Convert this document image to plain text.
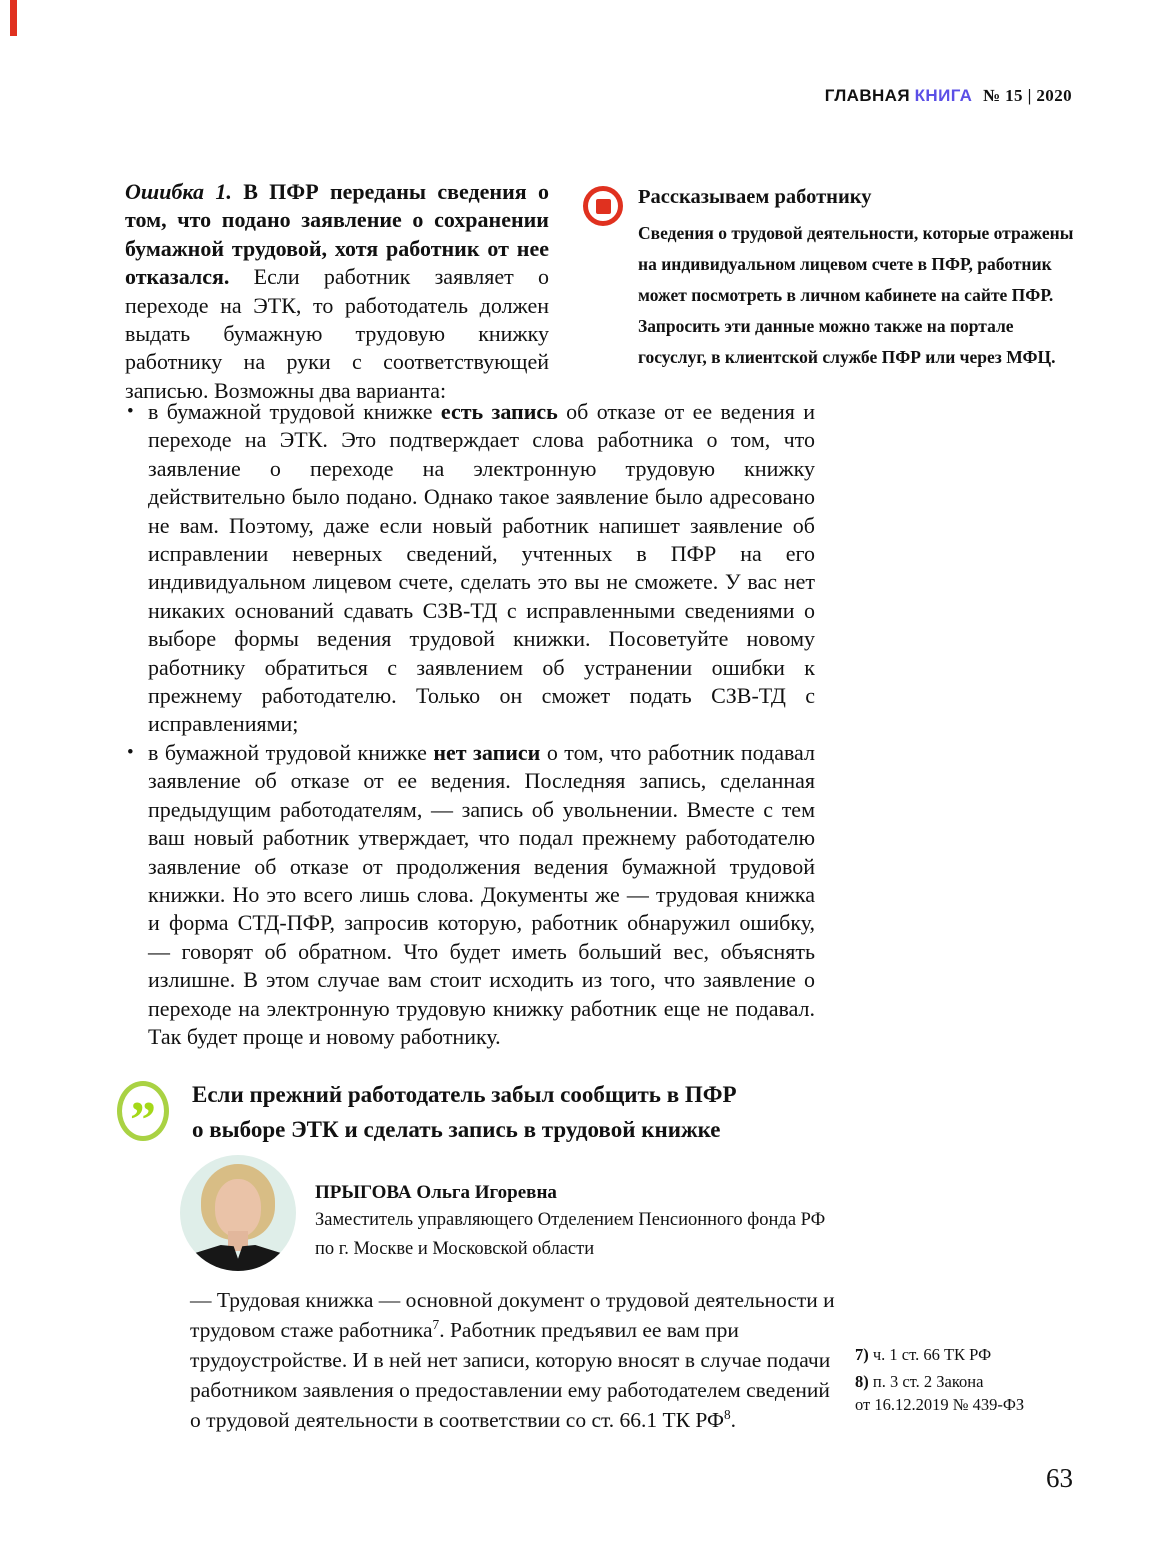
ГЛАВНАЯ КНИГА № 15 | 2020

Ошибка 1. В ПФР переданы сведения о том, что подано заявление о сохранении бумажной трудовой, хотя работник от нее отказался. Если работник заявляет о переходе на ЭТК, то работодатель должен выдать бумажную трудовую книжку работнику на руки с соответствующей записью. Возможны два варианта:

Рассказываем работнику

Сведения о трудовой деятельности, которые отражены на индивидуальном лицевом счете в ПФР, работник может посмотреть в личном кабинете на сайте ПФР. Запросить эти данные можно также на портале госуслуг, в клиентской службе ПФР или через МФЦ.

• в бумажной трудовой книжке есть запись об отказе от ее ведения и переходе на ЭТК. Это подтверждает слова работника о том, что заявление о переходе на электронную трудовую книжку действительно было подано. Однако такое заявление было адресовано не вам. Поэтому, даже если новый работник напишет заявление об исправлении неверных сведений, учтенных в ПФР на его индивидуальном лицевом счете, сделать это вы не сможете. У вас нет никаких оснований сдавать СЗВ-ТД с исправленными сведениями о выборе формы ведения трудовой книжки. Посоветуйте новому работнику обратиться с заявлением об устранении ошибки к прежнему работодателю. Только он сможет подать СЗВ-ТД с исправлениями;
• в бумажной трудовой книжке нет записи о том, что работник подавал заявление об отказе от ее ведения. Последняя запись, сделанная предыдущим работодателям, — запись об увольнении. Вместе с тем ваш новый работник утверждает, что подал прежнему работодателю заявление об отказе от продолжения ведения бумажной трудовой книжки. Но это всего лишь слова. Документы же — трудовая книжка и форма СТД-ПФР, запросив которую, работник обнаружил ошибку, — говорят об обратном. Что будет иметь больший вес, объяснять излишне. В этом случае вам стоит исходить из того, что заявление о переходе на электронную трудовую книжку работник еще не подавал. Так будет проще и новому работнику.
” Если прежний работодатель забыл сообщить в ПФР
о выборе ЭТК и сделать запись в трудовой книжке
ПРЫГОВА Ольга Игоревна
Заместитель управляющего Отделением Пенсионного фонда РФ
по г. Москве и Московской области

— Трудовая книжка — основной документ о трудовой деятельности и трудовом стаже работника$^7$. Работник предъявил ее вам при трудоустройстве. И в ней нет записи, которую вносят в случае подачи работником заявления о предоставлении ему работодателем сведений о трудовой деятельности в соответствии со ст. 66.1 ТК $РФ^8$.

7) ч. 1 ст. 66 ТК РФ

8) п. 3 ст. 2 Закона
от 16.12.2019 № 439-ФЗ

63
